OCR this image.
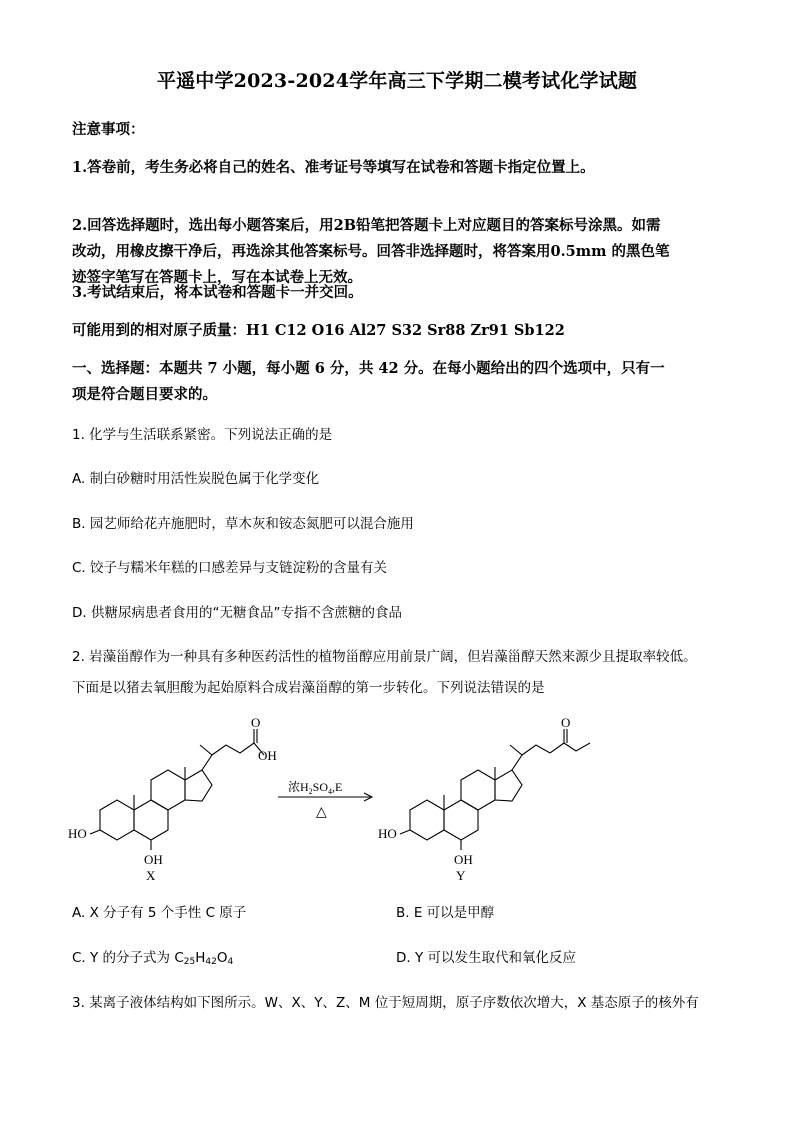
平遥中学2023-2024学年高三下学期二模考试化学试题
注意事项：
1.答卷前，考生务必将自己的姓名、准考证号等填写在试卷和答题卡指定位置上。
2.回答选择题时，选出每小题答案后，用2B铅笔把答题卡上对应题目的答案标号涂黑。如需
改动，用橡皮擦干净后，再选涂其他答案标号。回答非选择题时，将答案用0.5mm 的黑色笔
迹签字笔写在答题卡上，写在本试卷上无效。
3.考试结束后，将本试卷和答题卡一并交回。
可能用到的相对原子质量：H1 C12 O16 Al27 S32 Sr88 Zr91 Sb122
一、选择题：本题共 7 小题，每小题 6 分，共 42 分。在每小题给出的四个选项中，只有一
项是符合题目要求的。
1. 化学与生活联系紧密。下列说法正确的是
A. 制白砂糖时用活性炭脱色属于化学变化
B. 园艺师给花卉施肥时，草木灰和铵态氮肥可以混合施用
C. 饺子与糯米年糕的口感差异与支链淀粉的含量有关
D. 供糖尿病患者食用的“无糖食品”专指不含蔗糖的食品
2. 岩藻甾醇作为一种具有多种医药活性的植物甾醇应用前景广阔，但岩藻甾醇天然来源少且提取率较低。
下面是以猪去氧胆酸为起始原料合成岩藻甾醇的第一步转化。下列说法错误的是
OH
O
HO
OH
X
浓$H_2SO_4,E$
△
O
HO
OH
Y
A. X 分子有 5 个手性 C 原子	B. E 可以是甲醇
C. Y 的分子式为 $C_{25}H_{42}O_4$	D. Y 可以发生取代和氧化反应
3. 某离子液体结构如下图所示。W、X、Y、Z、M 位于短周期，原子序数依次增大，X 基态原子的核外有
